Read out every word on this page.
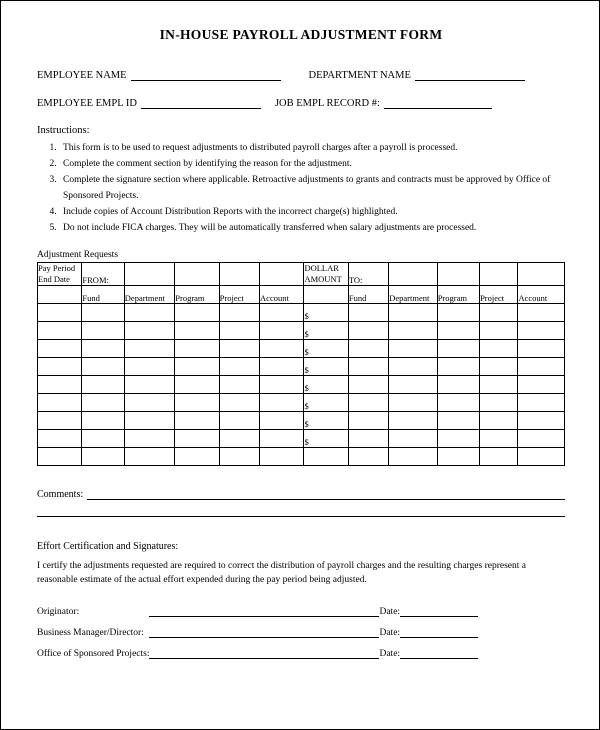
IN-HOUSE PAYROLL ADJUSTMENT FORM
EMPLOYEE NAME	DEPARTMENT NAME
EMPLOYEE EMPL ID	JOB EMPL RECORD #:
Instructions:
1. This form is to be used to request adjustments to distributed payroll charges after a payroll is processed.
2. Complete the comment section by identifying the reason for the adjustment.
3. Complete the signature section where applicable. Retroactive adjustments to grants and contracts must be approved by Office of Sponsored Projects.
4. Include copies of Account Distribution Reports with the incorrect charge(s) highlighted.
5. Do not include FICA charges. They will be automatically transferred when salary adjustments are processed.
Adjustment Requests
Pay Period End Date	FROM:					DOLLAR AMOUNT	TO:				
	Fund	Department	Program	Project	Account		Fund	Department	Program	Project	Account
						$					
						$					
						$					
						$					
						$					
						$					
						$					
						$					

Comments:
Effort Certification and Signatures:
I certify the adjustments requested are required to correct the distribution of payroll charges and the resulting charges represent a reasonable estimate of the actual effort expended during the pay period being adjusted.
Originator:		Date:	

Business Manager/Director:		Date:	

Office of Sponsored Projects:		Date:	
